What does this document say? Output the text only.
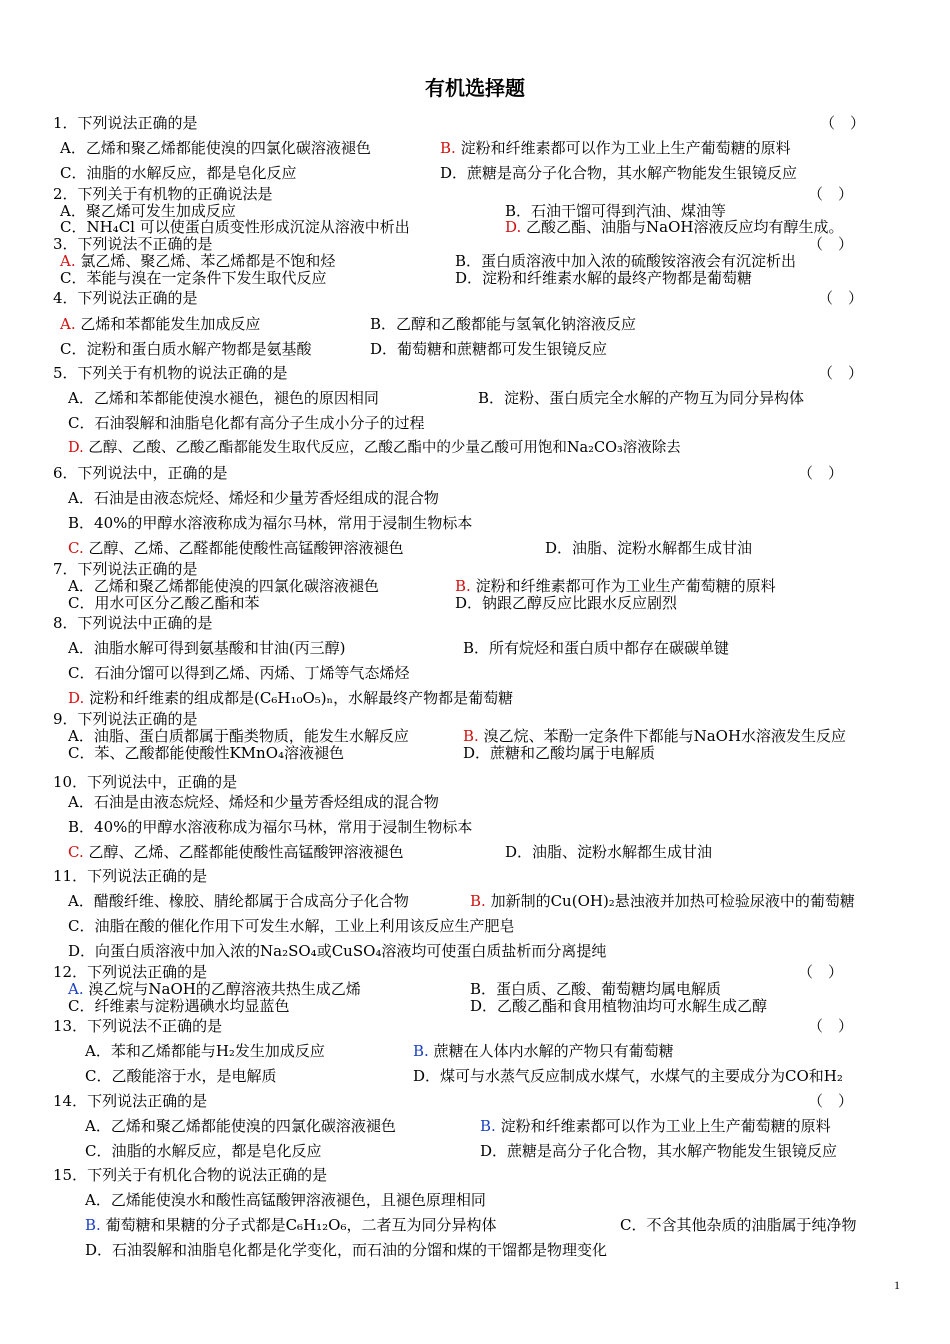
有机选择题
1．下列说法正确的是	（　）
A．乙烯和聚乙烯都能使溴的四氯化碳溶液褪色	B. 淀粉和纤维素都可以作为工业上生产葡萄糖的原料
C．油脂的水解反应，都是皂化反应	D．蔗糖是高分子化合物，其水解产物能发生银镜反应
2．下列关于有机物的正确说法是	（　）
A．聚乙烯可发生加成反应	B．石油干馏可得到汽油、煤油等
C．NH₄Cl 可以使蛋白质变性形成沉淀从溶液中析出	D. 乙酸乙酯、油脂与NaOH溶液反应均有醇生成。
3．下列说法不正确的是	（　）
A. 氯乙烯、聚乙烯、苯乙烯都是不饱和烃	B．蛋白质溶液中加入浓的硫酸铵溶液会有沉淀析出
C．苯能与溴在一定条件下发生取代反应	D．淀粉和纤维素水解的最终产物都是葡萄糖
4．下列说法正确的是	（　）
A. 乙烯和苯都能发生加成反应	B．乙醇和乙酸都能与氢氧化钠溶液反应
C．淀粉和蛋白质水解产物都是氨基酸	D．葡萄糖和蔗糖都可发生银镜反应
5．下列关于有机物的说法正确的是	（　）
A．乙烯和苯都能使溴水褪色，褪色的原因相同	B．淀粉、蛋白质完全水解的产物互为同分异构体
C．石油裂解和油脂皂化都有高分子生成小分子的过程
D. 乙醇、乙酸、乙酸乙酯都能发生取代反应，乙酸乙酯中的少量乙酸可用饱和Na₂CO₃溶液除去
6．下列说法中，正确的是	（　）
A．石油是由液态烷烃、烯烃和少量芳香烃组成的混合物
B．40%的甲醇水溶液称成为福尔马林，常用于浸制生物标本
C. 乙醇、乙烯、乙醛都能使酸性高锰酸钾溶液褪色	D．油脂、淀粉水解都生成甘油
7．下列说法正确的是
A．乙烯和聚乙烯都能使溴的四氯化碳溶液褪色	B. 淀粉和纤维素都可作为工业生产葡萄糖的原料
C．用水可区分乙酸乙酯和苯	D．钠跟乙醇反应比跟水反应剧烈
8．下列说法中正确的是
A．油脂水解可得到氨基酸和甘油(丙三醇)	B．所有烷烃和蛋白质中都存在碳碳单键
C．石油分馏可以得到乙烯、丙烯、丁烯等气态烯烃
D. 淀粉和纤维素的组成都是(C₆H₁₀O₅)ₙ，水解最终产物都是葡萄糖
9．下列说法正确的是
A．油脂、蛋白质都属于酯类物质，能发生水解反应	B. 溴乙烷、苯酚一定条件下都能与NaOH水溶液发生反应
C．苯、乙酸都能使酸性KMnO₄溶液褪色	D．蔗糖和乙酸均属于电解质
10．下列说法中，正确的是
A．石油是由液态烷烃、烯烃和少量芳香烃组成的混合物
B．40%的甲醇水溶液称成为福尔马林，常用于浸制生物标本
C. 乙醇、乙烯、乙醛都能使酸性高锰酸钾溶液褪色	D．油脂、淀粉水解都生成甘油
11．下列说法正确的是
A．醋酸纤维、橡胶、腈纶都属于合成高分子化合物	B. 加新制的Cu(OH)₂悬浊液并加热可检验尿液中的葡萄糖
C．油脂在酸的催化作用下可发生水解，工业上利用该反应生产肥皂
D．向蛋白质溶液中加入浓的Na₂SO₄或CuSO₄溶液均可使蛋白质盐析而分离提纯
12．下列说法正确的是	（　）
A. 溴乙烷与NaOH的乙醇溶液共热生成乙烯	B．蛋白质、乙酸、葡萄糖均属电解质
C．纤维素与淀粉遇碘水均显蓝色	D．乙酸乙酯和食用植物油均可水解生成乙醇
13．下列说法不正确的是	（　）
A．苯和乙烯都能与H₂发生加成反应	B. 蔗糖在人体内水解的产物只有葡萄糖
C．乙酸能溶于水，是电解质	D．煤可与水蒸气反应制成水煤气，水煤气的主要成分为CO和H₂
14．下列说法正确的是	（　）
A．乙烯和聚乙烯都能使溴的四氯化碳溶液褪色	B. 淀粉和纤维素都可以作为工业上生产葡萄糖的原料
C．油脂的水解反应，都是皂化反应	D．蔗糖是高分子化合物，其水解产物能发生银镜反应
15．下列关于有机化合物的说法正确的是
A．乙烯能使溴水和酸性高锰酸钾溶液褪色，且褪色原理相同
B. 葡萄糖和果糖的分子式都是C₆H₁₂O₆，二者互为同分异构体	C．不含其他杂质的油脂属于纯净物
D．石油裂解和油脂皂化都是化学变化，而石油的分馏和煤的干馏都是物理变化
1
